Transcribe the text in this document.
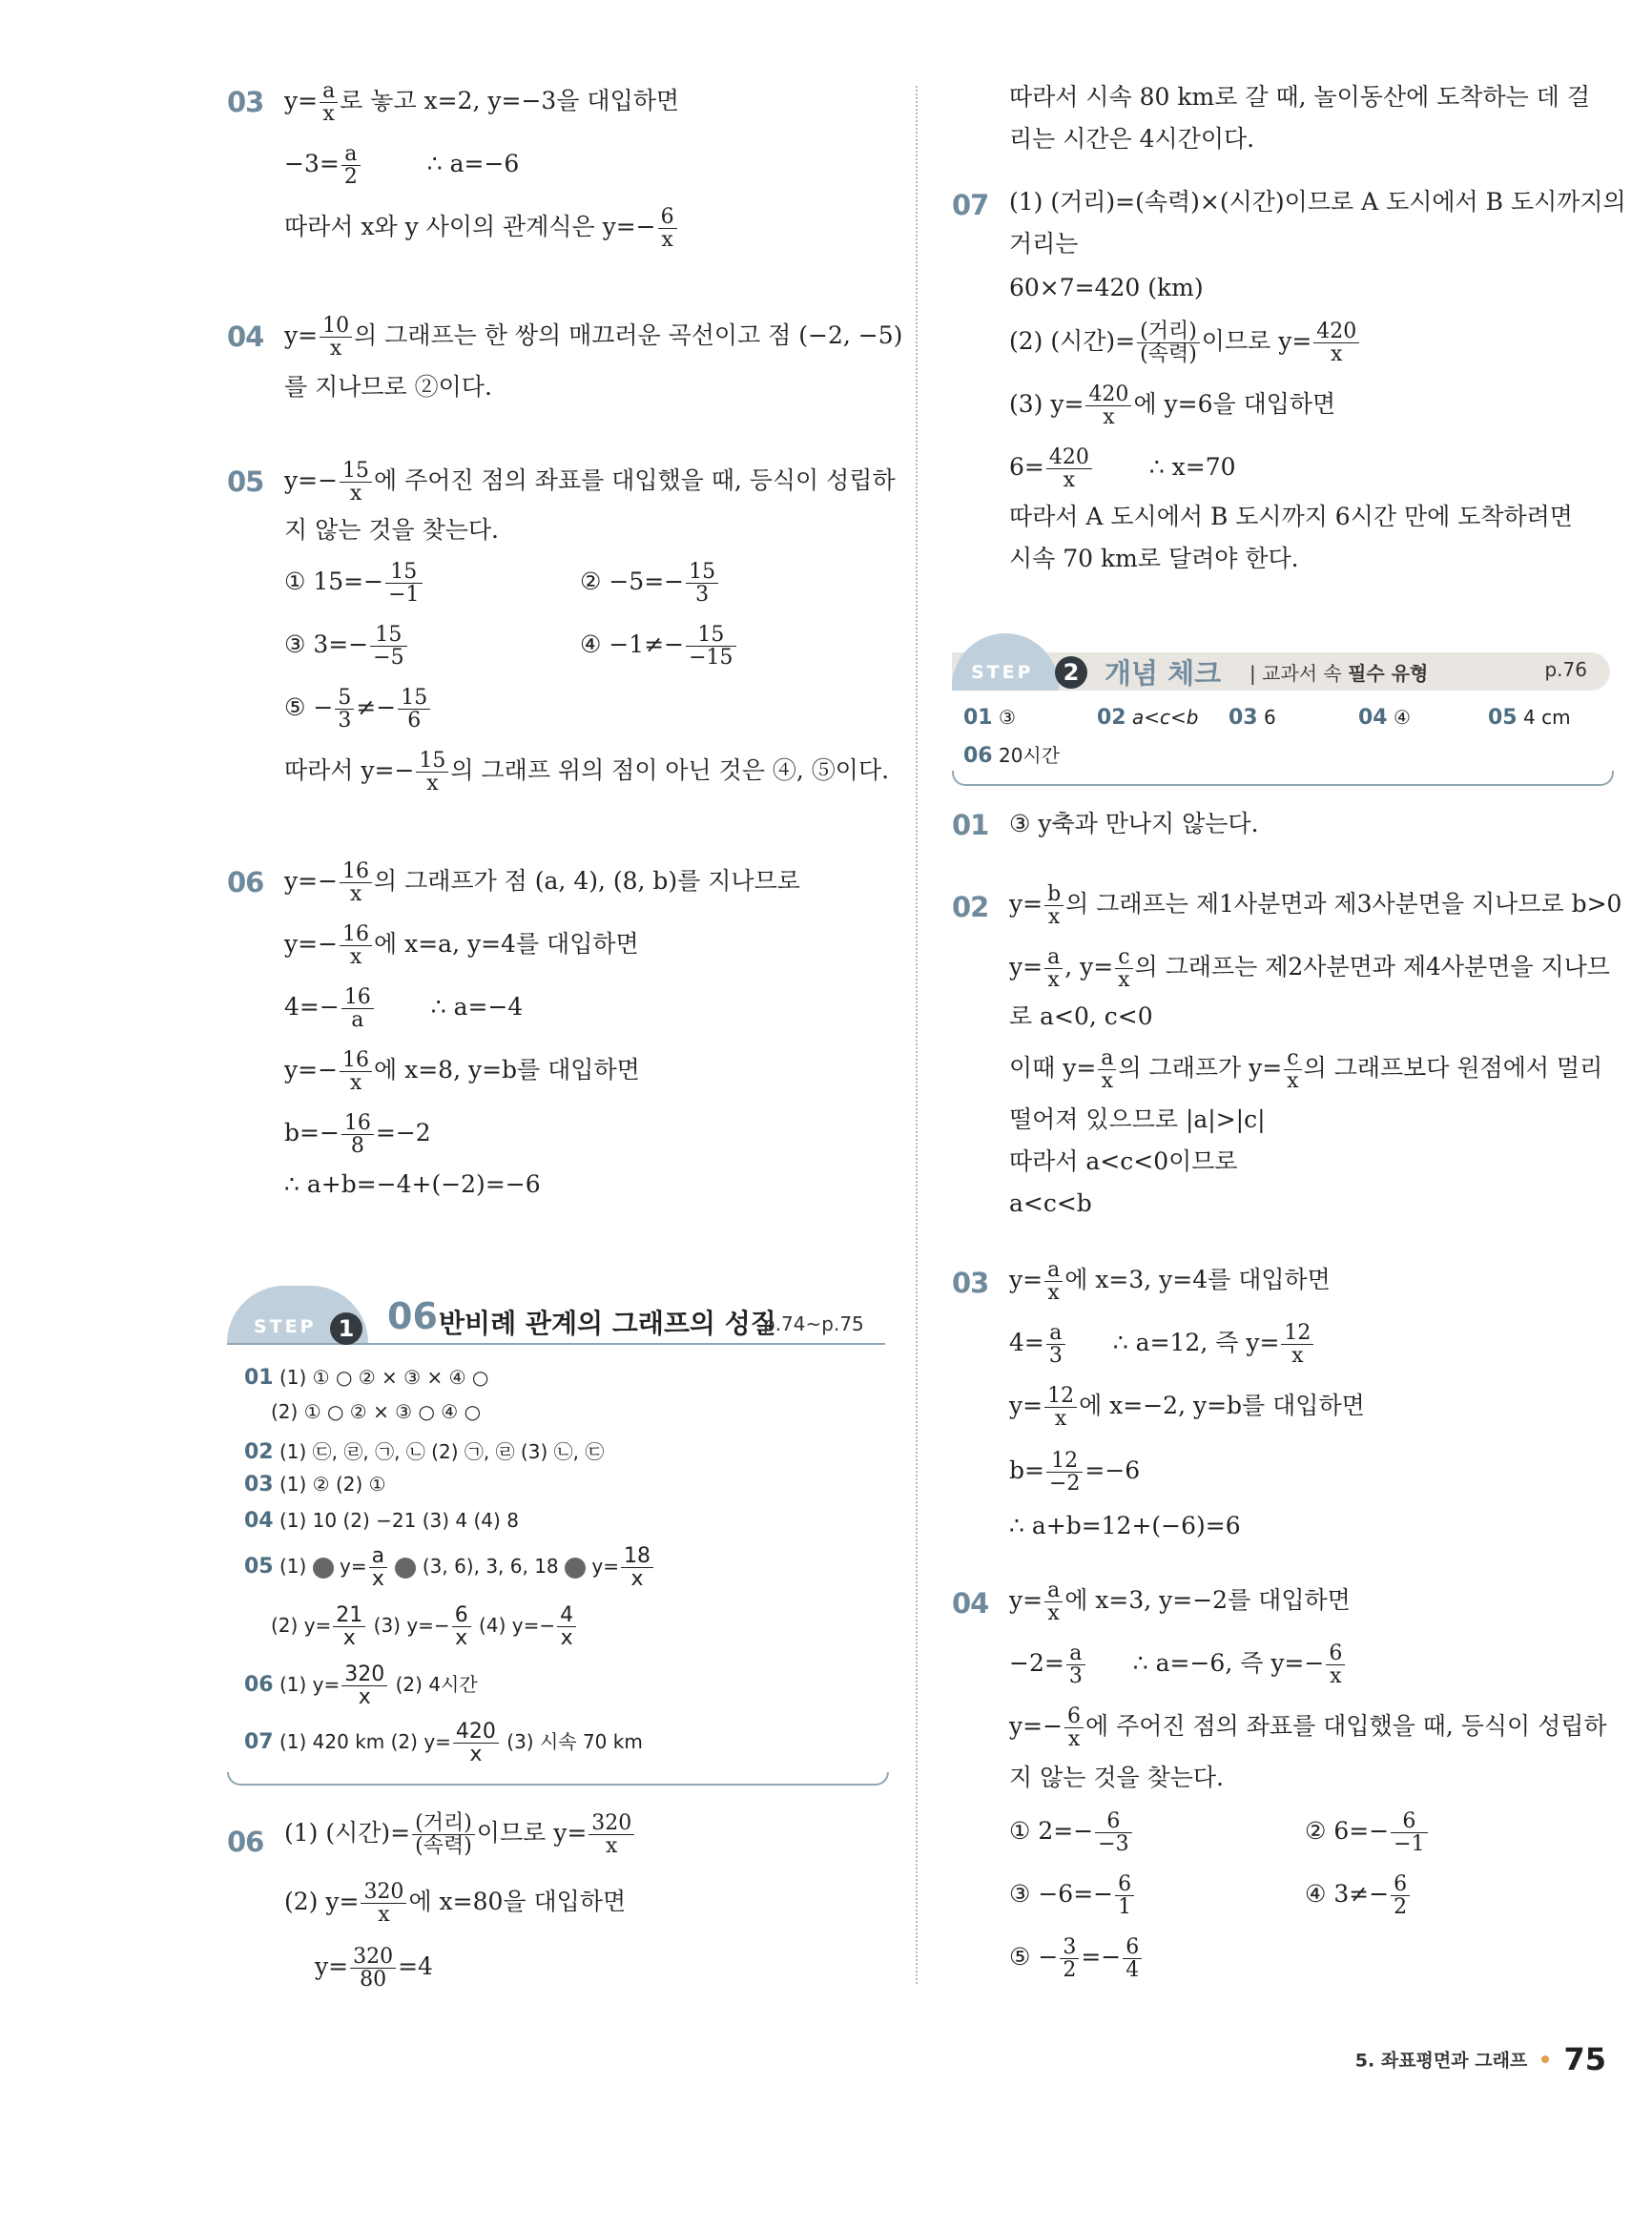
03 $y= \frac{a}{x}$ 로 놓고 x=2, y=−3을 대입하면
$-3= \frac{a}{2}$	∴ a=−6
따라서 x와 y 사이의 관계식은 $y=- \frac{6}{x}$
04 $y= \frac{10}{x}$ 의 그래프는 한 쌍의 매끄러운 곡선이고 점 (−2, −5)
를 지나므로 ②이다.
05 $y=- \frac{15}{x}$ 에 주어진 점의 좌표를 대입했을 때, 등식이 성립하
지 않는 것을 찾는다.
① $15=- \frac{15}{-1}$	② $-5=- \frac{15}{3}$
③ $3=- \frac{15}{-5}$	④ $-1\ne- \frac{15}{-15}$
⑤ − $\frac{5}{3} \ne- \frac{15}{6}$
따라서 $y=- \frac{15}{x}$ 의 그래프 위의 점이 아닌 것은 ④, ⑤이다.
06 $y=- \frac{16}{x}$ 의 그래프가 점 (a, 4), (8, b)를 지나므로
$y=- \frac{16}{x}$ 에 x=a, y=4를 대입하면
$4=- \frac{16}{a}$ ∴ a=−4
$y=- \frac{16}{x}$ 에 x=8, y=b를 대입하면
$b=- \frac{16}{8} =-2$
∴ a+b=−4+(−2)=−6
STEP 1 06 반비례 관계의 그래프의 성질
p.74~p.75
01 (1) ① ○ ② × ③ × ④ ○
(2) ① ○ ② × ③ ○ ④ ○
02 (1) ㉢, ㉣, ㉠, ㉡ (2) ㉠, ㉣ (3) ㉡, ㉢
03 (1) ② (2) ①
04 (1) 10 (2) −21 (3) 4 (4) 8
05 (1) $y= \frac{a}{x} (3$, 6), 3, 6, 18 $y= \frac{18}{x}$
(2) $y= \frac{21}{x} (3)$ $y=- \frac{6}{x} (4)$ $y=- \frac{4}{x}$
06 (1) $y= \frac{320}{x} (2)$ 4시간
07 (1) 420 km (2) $y= \frac{420}{x} (3)$ 시속 70 km
06 (1) (시간)= $\frac{\text{(거리)}}{\text{(속력)}}$ 이므로 $y= \frac{320}{x}$
(2) $y= \frac{320}{x}$ 에 x=80을 대입하면
$y= \frac{320}{80} =4$
따라서 시속 80 km로 갈 때, 놀이동산에 도착하는 데 걸
리는 시간은 4시간이다.
07 (1) (거리)=(속력)×(시간)이므로 A 도시에서 B 도시까지의
거리는
60×7=420 (km)
(2) (시간)= $\frac{\text{(거리)}}{\text{(속력)}}$ 이므로 $y= \frac{420}{x}$
(3) $y= \frac{420}{x}$ 에 y=6을 대입하면
$6= \frac{420}{x}$ ∴ x=70
따라서 A 도시에서 B 도시까지 6시간 만에 도착하려면
시속 70 km로 달려야 한다.
STEP	2 개념 체크 | 교과서 속 필수 유형	p.76
01 ③	02 a<c<b 03 6	04 ④	05 4 cm
06 20시간
01 ③ y축과 만나지 않는다.
02 $y= \frac{b}{x}$ 의 그래프는 제1사분면과 제3사분면을 지나므로 b>0
$y= \frac{a}{x}$ , $y= \frac{c}{x}$ 의 그래프는 제2사분면과 제4사분면을 지나므
로 a<0, c<0
이때 $y= \frac{a}{x}$ 의 그래프가 $y= \frac{c}{x}$ 의 그래프보다 원점에서 멀리
떨어져 있으므로 |a|>|c|
따라서 a<c<0이므로
a<c<b
03 $y= \frac{a}{x}$ 에 x=3, y=4를 대입하면
$4= \frac{a}{3}$ ∴ a=12, 즉 $y= \frac{12}{x}$
$y= \frac{12}{x}$ 에 x=−2, y=b를 대입하면
$b= \frac{12}{-2} =-6$
∴ a+b=12+(−6)=6
04 $y= \frac{a}{x}$ 에 x=3, y=−2를 대입하면
$-2= \frac{a}{3}$ ∴ a=−6, 즉 $y=- \frac{6}{x}$
$y=- \frac{6}{x}$ 에 주어진 점의 좌표를 대입했을 때, 등식이 성립하
지 않는 것을 찾는다.
① $2=- \frac{6}{-3}$	② $6=- \frac{6}{-1}$
③ $-6=- \frac{6}{1}$	④ $3\ne- \frac{6}{2}$
⑤ − $\frac{3}{2} =- \frac{6}{4}$
5. 좌표평면과 그래프 75
